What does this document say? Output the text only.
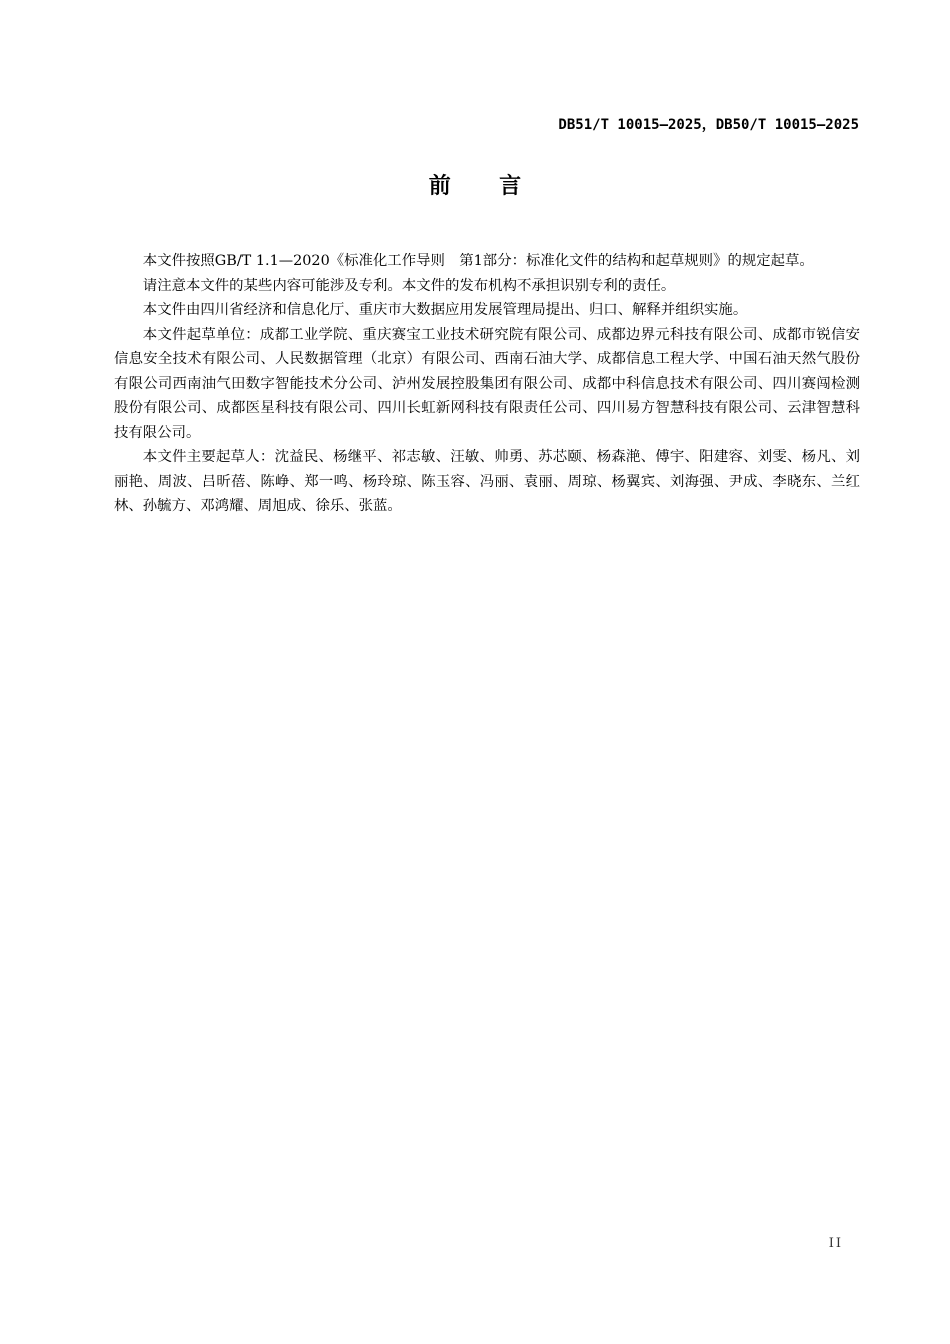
DB51/T 10015—2025，DB50/T 10015—2025
前言

本文件按照GB/T 1.1—2020《标准化工作导则　第1部分：标准化文件的结构和起草规则》的规定起草。

请注意本文件的某些内容可能涉及专利。本文件的发布机构不承担识别专利的责任。

本文件由四川省经济和信息化厅、重庆市大数据应用发展管理局提出、归口、解释并组织实施。

本文件起草单位：成都工业学院、重庆赛宝工业技术研究院有限公司、成都边界元科技有限公司、成都市锐信安信息安全技术有限公司、人民数据管理（北京）有限公司、西南石油大学、成都信息工程大学、中国石油天然气股份有限公司西南油气田数字智能技术分公司、泸州发展控股集团有限公司、成都中科信息技术有限公司、四川赛闯检测股份有限公司、成都医星科技有限公司、四川长虹新网科技有限责任公司、四川易方智慧科技有限公司、云津智慧科技有限公司。

本文件主要起草人：沈益民、杨继平、祁志敏、汪敏、帅勇、苏芯颐、杨森滟、傅宇、阳建容、刘雯、杨凡、刘丽艳、周波、吕昕蓓、陈峥、郑一鸣、杨玲琼、陈玉容、冯丽、袁丽、周琼、杨翼宾、刘海强、尹成、李晓东、兰红林、孙毓方、邓鸿耀、周旭成、徐乐、张蓝。

II
